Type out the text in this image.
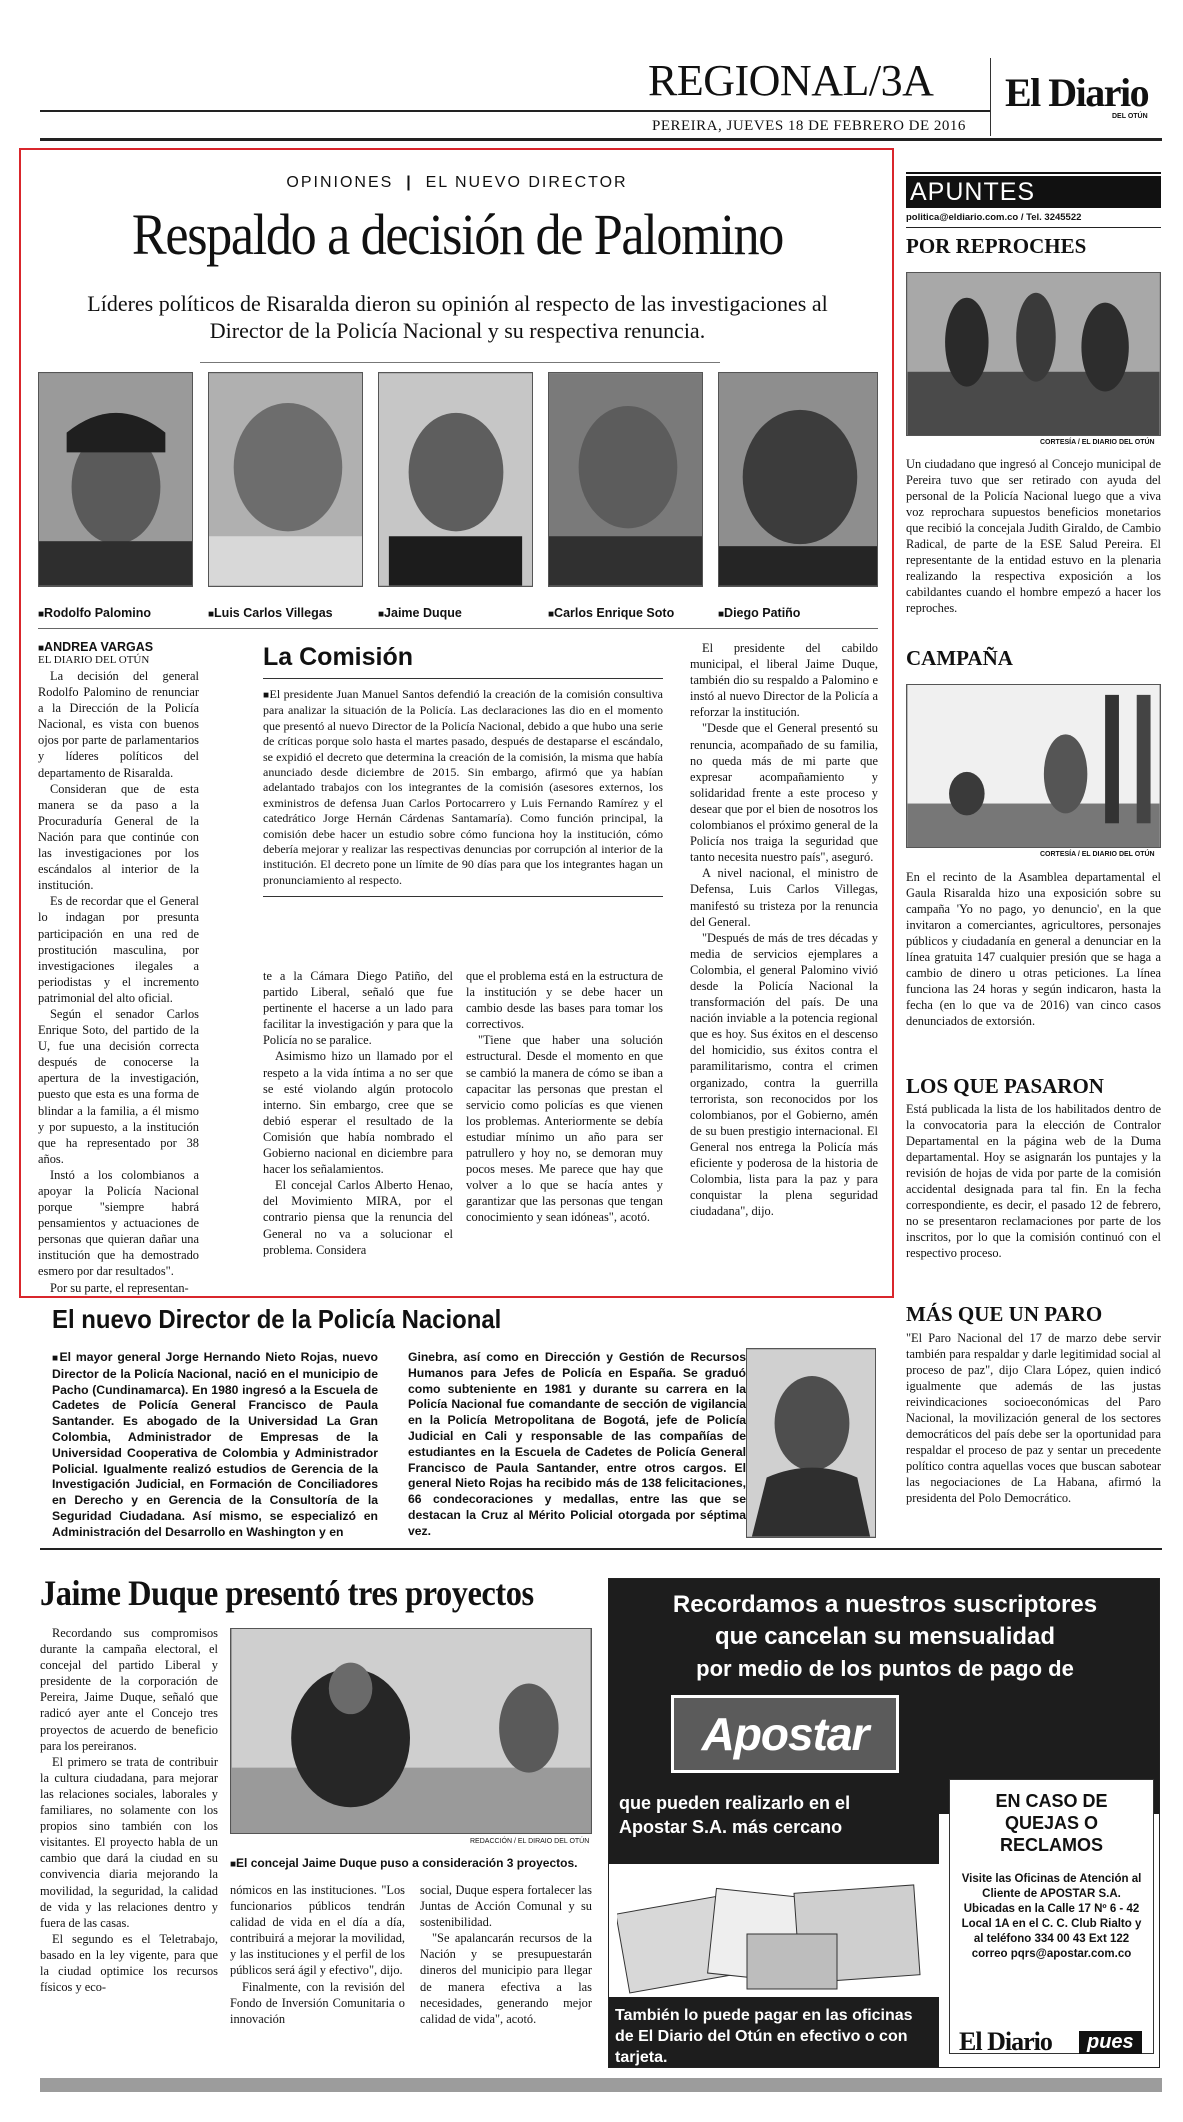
REGIONAL/3A El Diario
DEL OTÚN
PEREIRA, JUEVES 18 DE FEBRERO DE 2016
OPINIONES  |  EL NUEVO DIRECTOR
Respaldo a decisión de Palomino
Líderes políticos de Risaralda dieron su opinión al respecto de las investigaciones al Director de la Policía Nacional y su respectiva renuncia.
■ Rodolfo Palomino ■	Luis Carlos Villegas ■	Jaime Duque ■	Carlos Enrique Soto ■	Diego Patiño
■ ANDREA VARGAS
EL DIARIO DEL OTÚN

La decisión del general Rodolfo Palomino de renunciar a la Dirección de la Policía Nacional, es vista con buenos ojos por parte de parlamentarios y líderes políticos del departamento de Risaralda.

Consideran que de esta manera se da paso a la Procuraduría General de la Nación para que continúe con las investigaciones por los escándalos al interior de la institución.

Es de recordar que el General lo indagan por presunta participación en una red de prostitución masculina, por investigaciones ilegales a periodistas y el incremento patrimonial del alto oficial.

Según el senador Carlos Enrique Soto, del partido de la U, fue una decisión correcta después de conocerse la apertura de la investigación, puesto que esta es una forma de blindar a la familia, a él mismo y por supuesto, a la institución que ha representado por 38 años.

Instó a los colombianos a apoyar la Policía Nacional porque "siempre habrá pensamientos y actuaciones de personas que quieran dañar una institución que ha demostrado esmero por dar resultados".

Por su parte, el representan-

La Comisión

■ El presidente Juan Manuel Santos defendió la creación de la comisión consultiva para analizar la situación de la Policía. Las declaraciones las dio en el momento que presentó al nuevo Director de la Policía Nacional, debido a que hubo una serie de críticas porque solo hasta el martes pasado, después de destaparse el escándalo, se expidió el decreto que determina la creación de la comisión, la misma que había anunciado desde diciembre de 2015. Sin embargo, afirmó que ya habían adelantado trabajos con los integrantes de la comisión (asesores externos, los exministros de defensa Juan Carlos Portocarrero y Luis Fernando Ramírez y el catedrático Jorge Hernán Cárdenas Santamaría). Como función principal, la comisión debe hacer un estudio sobre cómo funciona hoy la institución, cómo debería mejorar y realizar las respectivas denuncias por corrupción al interior de la institución. El decreto pone un límite de 90 días para que los integrantes hagan un pronunciamiento al respecto.

te a la Cámara Diego Patiño, del partido Liberal, señaló que fue pertinente el hacerse a un lado para facilitar la investigación y para que la Policía no se paralice.

Asimismo hizo un llamado por el respeto a la vida íntima a no ser que se esté violando algún protocolo interno. Sin embargo, cree que se debió esperar el resultado de la Comisión que había nombrado el Gobierno nacional en diciembre para hacer los señalamientos.

El concejal Carlos Alberto Henao, del Movimiento MIRA, por el contrario piensa que la renuncia del General no va a solucionar el problema. Considera

que el problema está en la estructura de la institución y se debe hacer un cambio desde las bases para tomar los correctivos.

"Tiene que haber una solución estructural. Desde el momento en que se cambió la manera de cómo se iban a capacitar las personas que prestan el servicio como policías es que vienen los problemas. Anteriormente se debía estudiar mínimo un año para ser patrullero y hoy no, se demoran muy pocos meses. Me parece que hay que volver a lo que se hacía antes y garantizar que las personas que tengan conocimiento y sean idóneas", acotó.

El presidente del cabildo municipal, el liberal Jaime Duque, también dio su respaldo a Palomino e instó al nuevo Director de la Policía a reforzar la institución.

"Desde que el General presentó su renuncia, acompañado de su familia, no queda más de mi parte que expresar acompañamiento y solidaridad frente a este proceso y desear que por el bien de nosotros los colombianos el próximo general de la Policía nos traiga la seguridad que tanto necesita nuestro país", aseguró.

A nivel nacional, el ministro de Defensa, Luis Carlos Villegas, manifestó su tristeza por la renuncia del General.

"Después de más de tres décadas y media de servicios ejemplares a Colombia, el general Palomino vivió desde la Policía Nacional la transformación del país. De una nación inviable a la potencia regional que es hoy. Sus éxitos en el descenso del homicidio, sus éxitos contra el paramilitarismo, contra el crimen organizado, contra la guerrilla terrorista, son reconocidos por los colombianos, por el Gobierno, amén de su buen prestigio internacional. El General nos entrega la Policía más eficiente y poderosa de la historia de Colombia, lista para la paz y para conquistar la plena seguridad ciudadana", dijo.

APUNTES
politica@eldiario.com.co / Tel. 3245522
POR REPROCHES
CORTESÍA / EL DIARIO DEL OTÚN

Un ciudadano que ingresó al Concejo municipal de Pereira tuvo que ser retirado con ayuda del personal de la Policía Nacional luego que a viva voz reprochara supuestos beneficios monetarios que recibió la concejala Judith Giraldo, de Cambio Radical, de parte de la ESE Salud Pereira. El representante de la entidad estuvo en la plenaria realizando la respectiva exposición a los cabildantes cuando el hombre empezó a hacer los reproches.

CAMPAÑA
CORTESÍA / EL DIARIO DEL OTÚN

En el recinto de la Asamblea departamental el Gaula Risaralda hizo una exposición sobre su campaña 'Yo no pago, yo denuncio', en la que invitaron a comerciantes, agricultores, personajes públicos y ciudadanía en general a denunciar en la línea gratuita 147 cualquier presión que se haga a cambio de dinero u otras peticiones. La línea funciona las 24 horas y según indicaron, hasta la fecha (en lo que va de 2016) van cinco casos denunciados de extorsión.

LOS QUE PASARON

Está publicada la lista de los habilitados dentro de la convocatoria para la elección de Contralor Departamental en la página web de la Duma departamental. Hoy se asignarán los puntajes y la revisión de hojas de vida por parte de la comisión accidental designada para tal fin. En la fecha correspondiente, es decir, el pasado 12 de febrero, no se presentaron reclamaciones por parte de los inscritos, por lo que la comisión continuó con el respectivo proceso.

MÁS QUE UN PARO

"El Paro Nacional del 17 de marzo debe servir también para respaldar y darle legitimidad social al proceso de paz", dijo Clara López, quien indicó igualmente que además de las justas reivindicaciones socioeconómicas del Paro Nacional, la movilización general de los sectores democráticos del país debe ser la oportunidad para respaldar el proceso de paz y sentar un precedente político contra aquellas voces que buscan sabotear las negociaciones de La Habana, afirmó la presidenta del Polo Democrático.

El nuevo Director de la Policía Nacional

■ El mayor general Jorge Hernando Nieto Rojas, nuevo Director de la Policía Nacional, nació en el municipio de Pacho (Cundinamarca). En 1980 ingresó a la Escuela de Cadetes de Policía General Francisco de Paula Santander. Es abogado de la Universidad La Gran Colombia, Administrador de Empresas de la Universidad Cooperativa de Colombia y Administrador Policial. Igualmente realizó estudios de Gerencia de la Investigación Judicial, en Formación de Conciliadores en Derecho y en Gerencia de la Consultoría de la Seguridad Ciudadana. Así mismo, se especializó en Administración del Desarrollo en Washington y en

Ginebra, así como en Dirección y Gestión de Recursos Humanos para Jefes de Policía en España. Se graduó como subteniente en 1981 y durante su carrera en la Policía Nacional fue comandante de sección de vigilancia en la Policía Metropolitana de Bogotá, jefe de Policía Judicial en Cali y responsable de las compañías de estudiantes en la Escuela de Cadetes de Policía General Francisco de Paula Santander, entre otros cargos. El general Nieto Rojas ha recibido más de 138 felicitaciones, 66 condecoraciones y medallas, entre las que se destacan la Cruz al Mérito Policial otorgada por séptima vez.

Jaime Duque presentó tres proyectos

Recordando sus compromisos durante la campaña electoral, el concejal del partido Liberal y presidente de la corporación de Pereira, Jaime Duque, señaló que radicó ayer ante el Concejo tres proyectos de acuerdo de beneficio para los pereiranos.

El primero se trata de contribuir la cultura ciudadana, para mejorar las relaciones sociales, laborales y familiares, no solamente con los propios sino también con los visitantes. El proyecto habla de un cambio que dará la ciudad en su convivencia diaria mejorando la movilidad, la seguridad, la calidad de vida y las relaciones dentro y fuera de las casas.

El segundo es el Teletrabajo, basado en la ley vigente, para que la ciudad optimice los recursos físicos y eco-

REDACCIÓN / EL DIRAIO DEL OTÚN
■ El concejal Jaime Duque puso a consideración 3 proyectos.

nómicos en las instituciones. "Los funcionarios públicos tendrán calidad de vida en el día a día, contribuirá a mejorar la movilidad, y las instituciones y el perfil de los públicos será ágil y efectivo", dijo.

Finalmente, con la revisión del Fondo de Inversión Comunitaria o innovación

social, Duque espera fortalecer las Juntas de Acción Comunal y su sostenibilidad.

"Se apalancarán recursos de la Nación y se presupuestarán dineros del municipio para llegar de manera efectiva a las necesidades, generando mejor calidad de vida", acotó.

Recordamos a nuestros suscriptores
que cancelan su mensualidad
por medio de los puntos de pago de
Apostar
que pueden realizarlo en el
Apostar S.A. más cercano
EN CASO DE QUEJAS O RECLAMOS
Visite las Oficinas de Atención al Cliente de APOSTAR S.A. Ubicadas en la Calle 17 Nº 6 - 42 Local 1A en el C. C. Club Rialto y al teléfono 334 00 43 Ext 122 correo pqrs@apostar.com.co
También lo puede pagar en las oficinas de El Diario del Otún en efectivo o con tarjeta.
El Diario	pues
